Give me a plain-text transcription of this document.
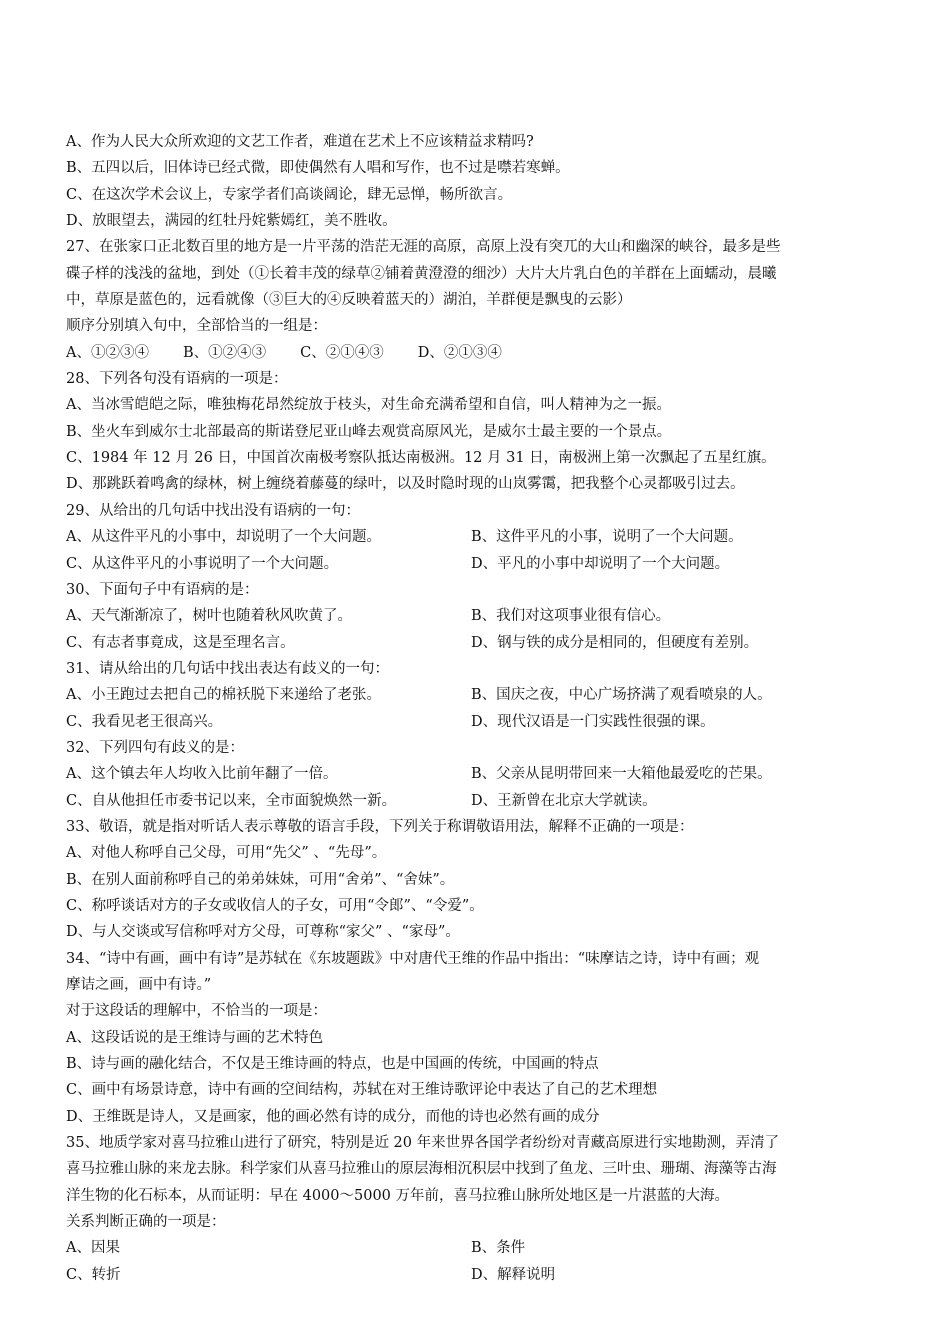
A、作为人民大众所欢迎的文艺工作者，难道在艺术上不应该精益求精吗?
B、五四以后，旧体诗已经式微，即使偶然有人唱和写作，也不过是噤若寒蝉。
C、在这次学术会议上，专家学者们高谈阔论，肆无忌惮，畅所欲言。
D、放眼望去，满园的红牡丹姹紫嫣红，美不胜收。
27、在张家口正北数百里的地方是一片平荡的浩茫无涯的高原，高原上没有突兀的大山和幽深的峡谷，最多是些
碟子样的浅浅的盆地，到处（①长着丰茂的绿草②铺着黄澄澄的细沙）大片大片乳白色的羊群在上面蠕动，晨曦
中，草原是蓝色的，远看就像（③巨大的④反映着蓝天的）湖泊，羊群便是飘曳的云影）
顺序分别填入句中，全部恰当的一组是：
A、①②③④ B、①②④③ C、②①④③ D、②①③④
28、下列各句没有语病的一项是：
A、当冰雪皑皑之际，唯独梅花昂然绽放于枝头，对生命充满希望和自信，叫人精神为之一振。
B、坐火车到威尔士北部最高的斯诺登尼亚山峰去观赏高原风光，是威尔士最主要的一个景点。
C、1984 年 12 月 26 日，中国首次南极考察队抵达南极洲。12 月 31 日，南极洲上第一次飘起了五星红旗。
D、那跳跃着鸣禽的绿林，树上缠绕着藤蔓的绿叶，以及时隐时现的山岚雾霭，把我整个心灵都吸引过去。
29、从给出的几句话中找出没有语病的一句：
A、从这件平凡的小事中，却说明了一个大问题。	B、这件平凡的小事，说明了一个大问题。
C、从这件平凡的小事说明了一个大问题。	D、平凡的小事中却说明了一个大问题。
30、下面句子中有语病的是：
A、天气渐渐凉了，树叶也随着秋风吹黄了。	B、我们对这项事业很有信心。
C、有志者事竟成，这是至理名言。	D、钢与铁的成分是相同的，但硬度有差别。
31、请从给出的几句话中找出表达有歧义的一句：
A、小王跑过去把自己的棉袄脱下来递给了老张。	B、国庆之夜，中心广场挤满了观看喷泉的人。
C、我看见老王很高兴。	D、现代汉语是一门实践性很强的课。
32、下列四句有歧义的是：
A、这个镇去年人均收入比前年翻了一倍。	B、父亲从昆明带回来一大箱他最爱吃的芒果。
C、自从他担任市委书记以来，全市面貌焕然一新。	D、王新曾在北京大学就读。
33、敬语，就是指对听话人表示尊敬的语言手段，下列关于称谓敬语用法，解释不正确的一项是：
A、对他人称呼自己父母，可用“先父” 、“先母”。
B、在别人面前称呼自己的弟弟妹妹，可用“舍弟”、“舍妹”。
C、称呼谈话对方的子女或收信人的子女，可用“令郎”、“令爱”。
D、与人交谈或写信称呼对方父母，可尊称“家父” 、“家母”。
34、“诗中有画，画中有诗”是苏轼在《东坡题跋》中对唐代王维的作品中指出：“味摩诘之诗，诗中有画；观
摩诘之画，画中有诗。”
对于这段话的理解中，不恰当的一项是：
A、这段话说的是王维诗与画的艺术特色
B、诗与画的融化结合，不仅是王维诗画的特点，也是中国画的传统，中国画的特点
C、画中有场景诗意，诗中有画的空间结构，苏轼在对王维诗歌评论中表达了自己的艺术理想
D、王维既是诗人，又是画家，他的画必然有诗的成分，而他的诗也必然有画的成分
35、地质学家对喜马拉雅山进行了研究，特别是近 20 年来世界各国学者纷纷对青藏高原进行实地勘测，弄清了
喜马拉雅山脉的来龙去脉。科学家们从喜马拉雅山的原层海相沉积层中找到了鱼龙、三叶虫、珊瑚、海藻等古海
洋生物的化石标本，从而证明：早在 4000～5000 万年前，喜马拉雅山脉所处地区是一片湛蓝的大海。
关系判断正确的一项是：
A、因果	B、条件
C、转折	D、解释说明
